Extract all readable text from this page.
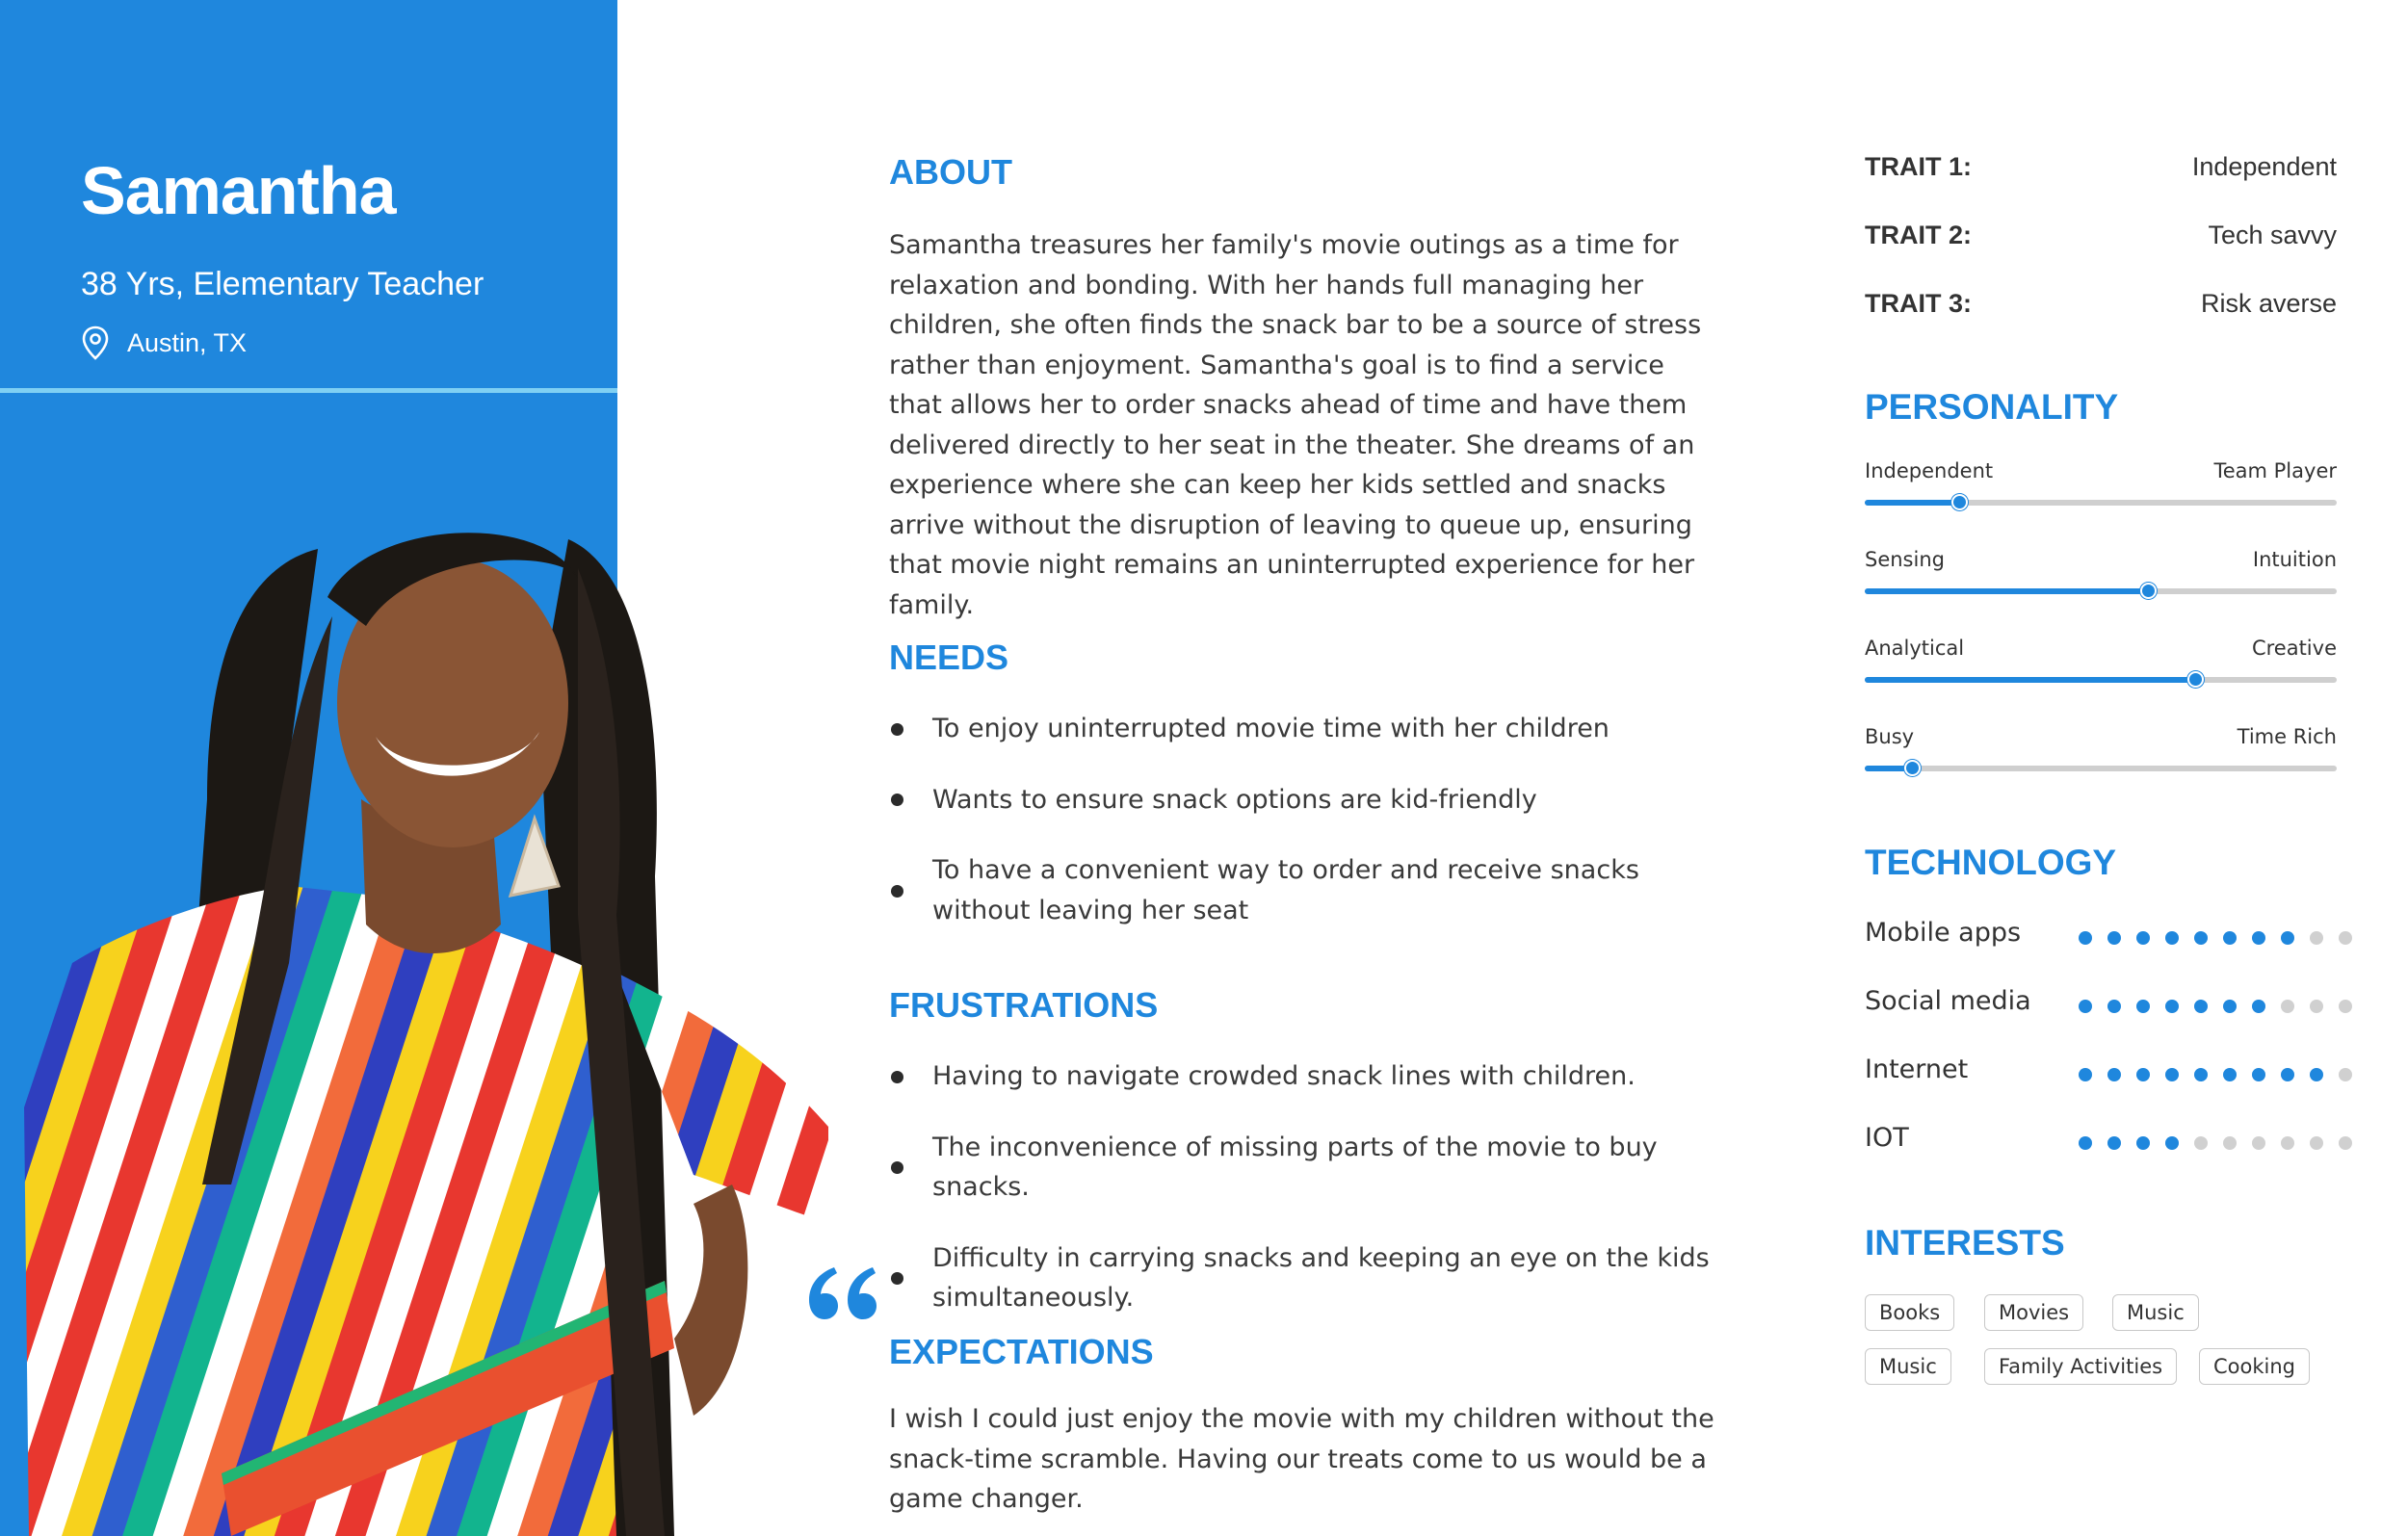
Samantha
38 Yrs, Elementary Teacher
Austin, TX
ABOUT

Samantha treasures her family's movie outings as a time for relaxation and bonding. With her hands full managing her children, she often finds the snack bar to be a source of stress rather than enjoyment. Samantha's goal is to find a service that allows her to order snacks ahead of time and have them delivered directly to her seat in the theater. She dreams of an experience where she can keep her kids settled and snacks arrive without the disruption of leaving to queue up, ensuring that movie night remains an uninterrupted experience for her family.

NEEDS
To enjoy uninterrupted movie time with her children
Wants to ensure snack options are kid-friendly
To have a convenient way to order and receive snacks without leaving her seat
FRUSTRATIONS
Having to navigate crowded snack lines with children.
The inconvenience of missing parts of the movie to buy snacks.
Difficulty in carrying snacks and keeping an eye on the kids simultaneously.
EXPECTATIONS

I wish I could just enjoy the movie with my children without the snack-time scramble. Having our treats come to us would be a game changer.

TRAIT 1:	Independent
TRAIT 2:	Tech savvy
TRAIT 3:	Risk averse
PERSONALITY
Independent	Team Player
Sensing	Intuition
Analytical	Creative
Busy	Time Rich
TECHNOLOGY
Mobile apps
Social media
Internet
IOT
INTERESTS
Books	Movies	Music
Music	Family Activities	Cooking
